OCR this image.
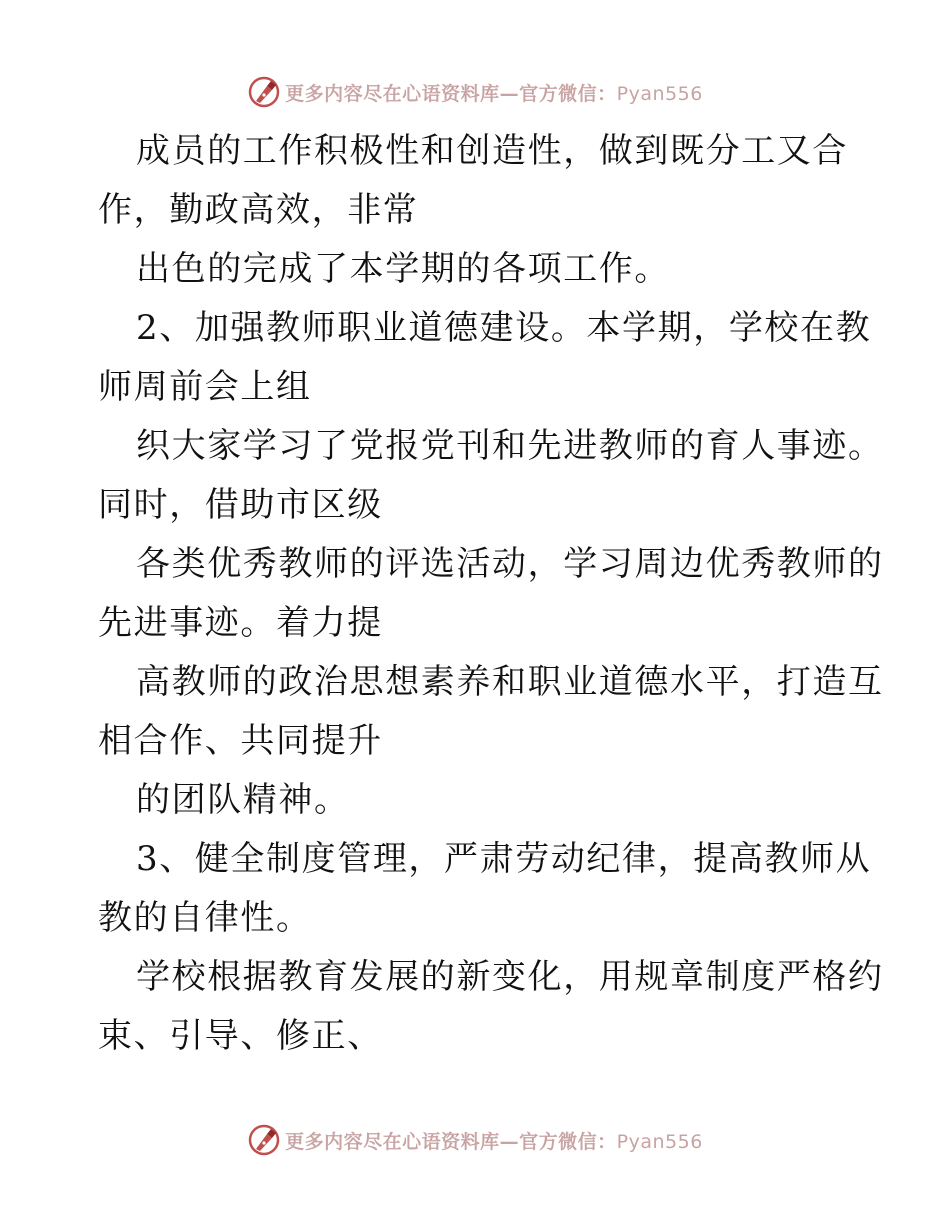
更多内容尽在心语资料库—官方微信：Pyan556
成员的工作积极性和创造性，做到既分工又合
作，勤政高效，非常
出色的完成了本学期的各项工作。
2、加强教师职业道德建设。本学期，学校在教
师周前会上组
织大家学习了党报党刊和先进教师的育人事迹。
同时，借助市区级
各类优秀教师的评选活动，学习周边优秀教师的
先进事迹。着力提
高教师的政治思想素养和职业道德水平，打造互
相合作、共同提升
的团队精神。
3、健全制度管理，严肃劳动纪律，提高教师从
教的自律性。
学校根据教育发展的新变化，用规章制度严格约
束、引导、修正、
更多内容尽在心语资料库—官方微信：Pyan556
